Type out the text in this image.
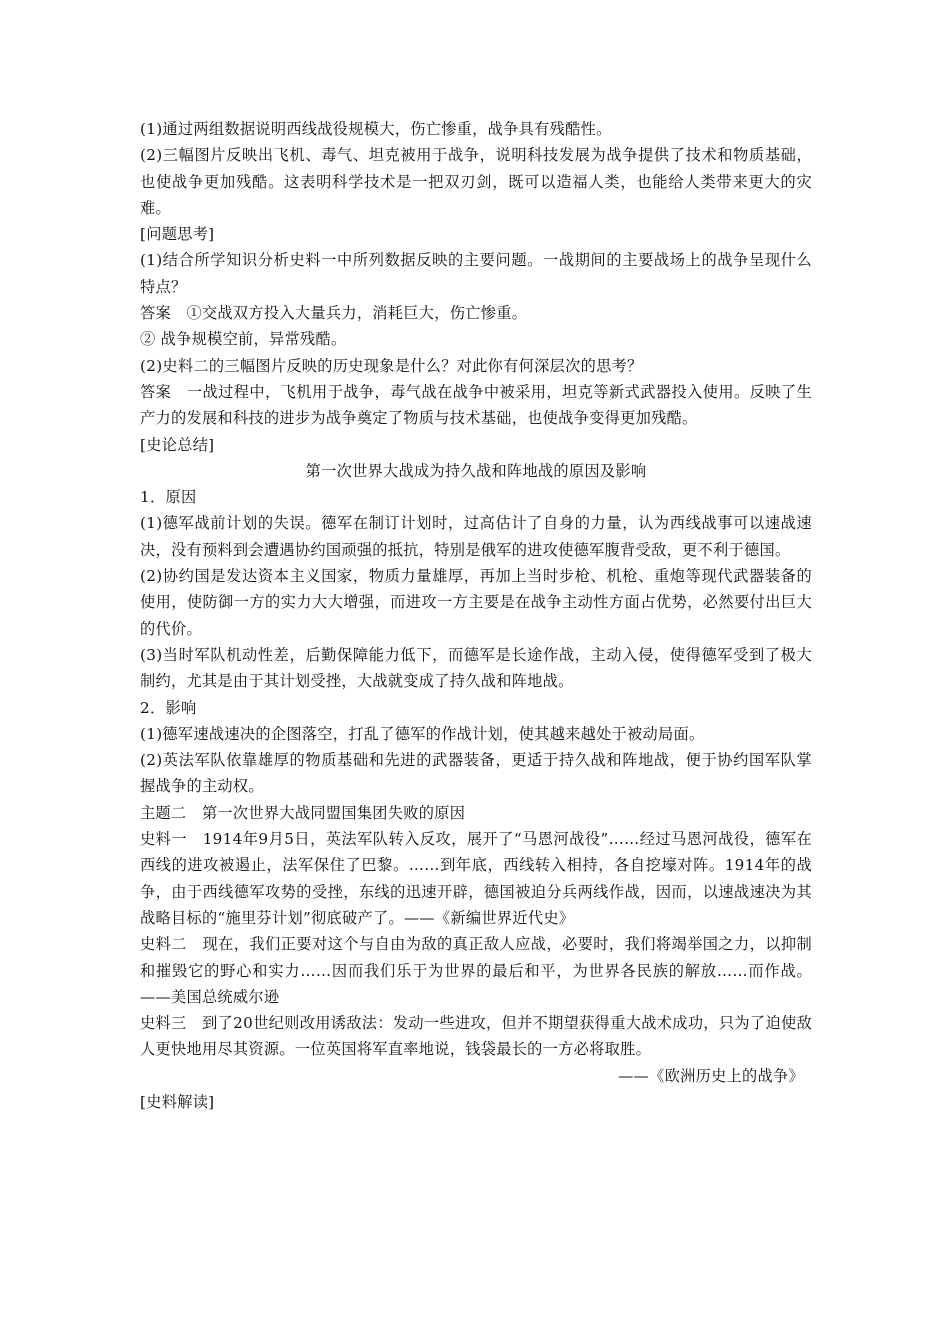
(1)通过两组数据说明西线战役规模大，伤亡惨重，战争具有残酷性。

(2)三幅图片反映出飞机、毒气、坦克被用于战争，说明科技发展为战争提供了技术和物质基础，也使战争更加残酷。这表明科学技术是一把双刃剑，既可以造福人类，也能给人类带来更大的灾难。

[问题思考]

(1)结合所学知识分析史料一中所列数据反映的主要问题。一战期间的主要战场上的战争呈现什么特点？

答案　①交战双方投入大量兵力，消耗巨大，伤亡惨重。

② 战争规模空前，异常残酷。

(2)史料二的三幅图片反映的历史现象是什么？对此你有何深层次的思考？

答案　一战过程中，飞机用于战争，毒气战在战争中被采用，坦克等新式武器投入使用。反映了生产力的发展和科技的进步为战争奠定了物质与技术基础，也使战争变得更加残酷。

[史论总结]

第一次世界大战成为持久战和阵地战的原因及影响

1．原因

(1)德军战前计划的失误。德军在制订计划时，过高估计了自身的力量，认为西线战事可以速战速决，没有预料到会遭遇协约国顽强的抵抗，特别是俄军的进攻使德军腹背受敌，更不利于德国。

(2)协约国是发达资本主义国家，物质力量雄厚，再加上当时步枪、机枪、重炮等现代武器装备的使用，使防御一方的实力大大增强，而进攻一方主要是在战争主动性方面占优势，必然要付出巨大的代价。

(3)当时军队机动性差，后勤保障能力低下，而德军是长途作战，主动入侵，使得德军受到了极大制约，尤其是由于其计划受挫，大战就变成了持久战和阵地战。

2．影响

(1)德军速战速决的企图落空，打乱了德军的作战计划，使其越来越处于被动局面。

(2)英法军队依靠雄厚的物质基础和先进的武器装备，更适于持久战和阵地战，便于协约国军队掌握战争的主动权。

主题二　第一次世界大战同盟国集团失败的原因

史料一　1914年9月5日，英法军队转入反攻，展开了“马恩河战役”……经过马恩河战役，德军在西线的进攻被遏止，法军保住了巴黎。……到年底，西线转入相持，各自挖壕对阵。1914年的战争，由于西线德军攻势的受挫，东线的迅速开辟，德国被迫分兵两线作战，因而，以速战速决为其战略目标的“施里芬计划”彻底破产了。——《新编世界近代史》

史料二　现在，我们正要对这个与自由为敌的真正敌人应战，必要时，我们将竭举国之力，以抑制和摧毁它的野心和实力……因而我们乐于为世界的最后和平，为世界各民族的解放……而作战。——美国总统威尔逊

史料三　到了20世纪则改用诱敌法：发动一些进攻，但并不期望获得重大战术成功，只为了迫使敌人更快地用尽其资源。一位英国将军直率地说，钱袋最长的一方必将取胜。

——《欧洲历史上的战争》

[史料解读]
